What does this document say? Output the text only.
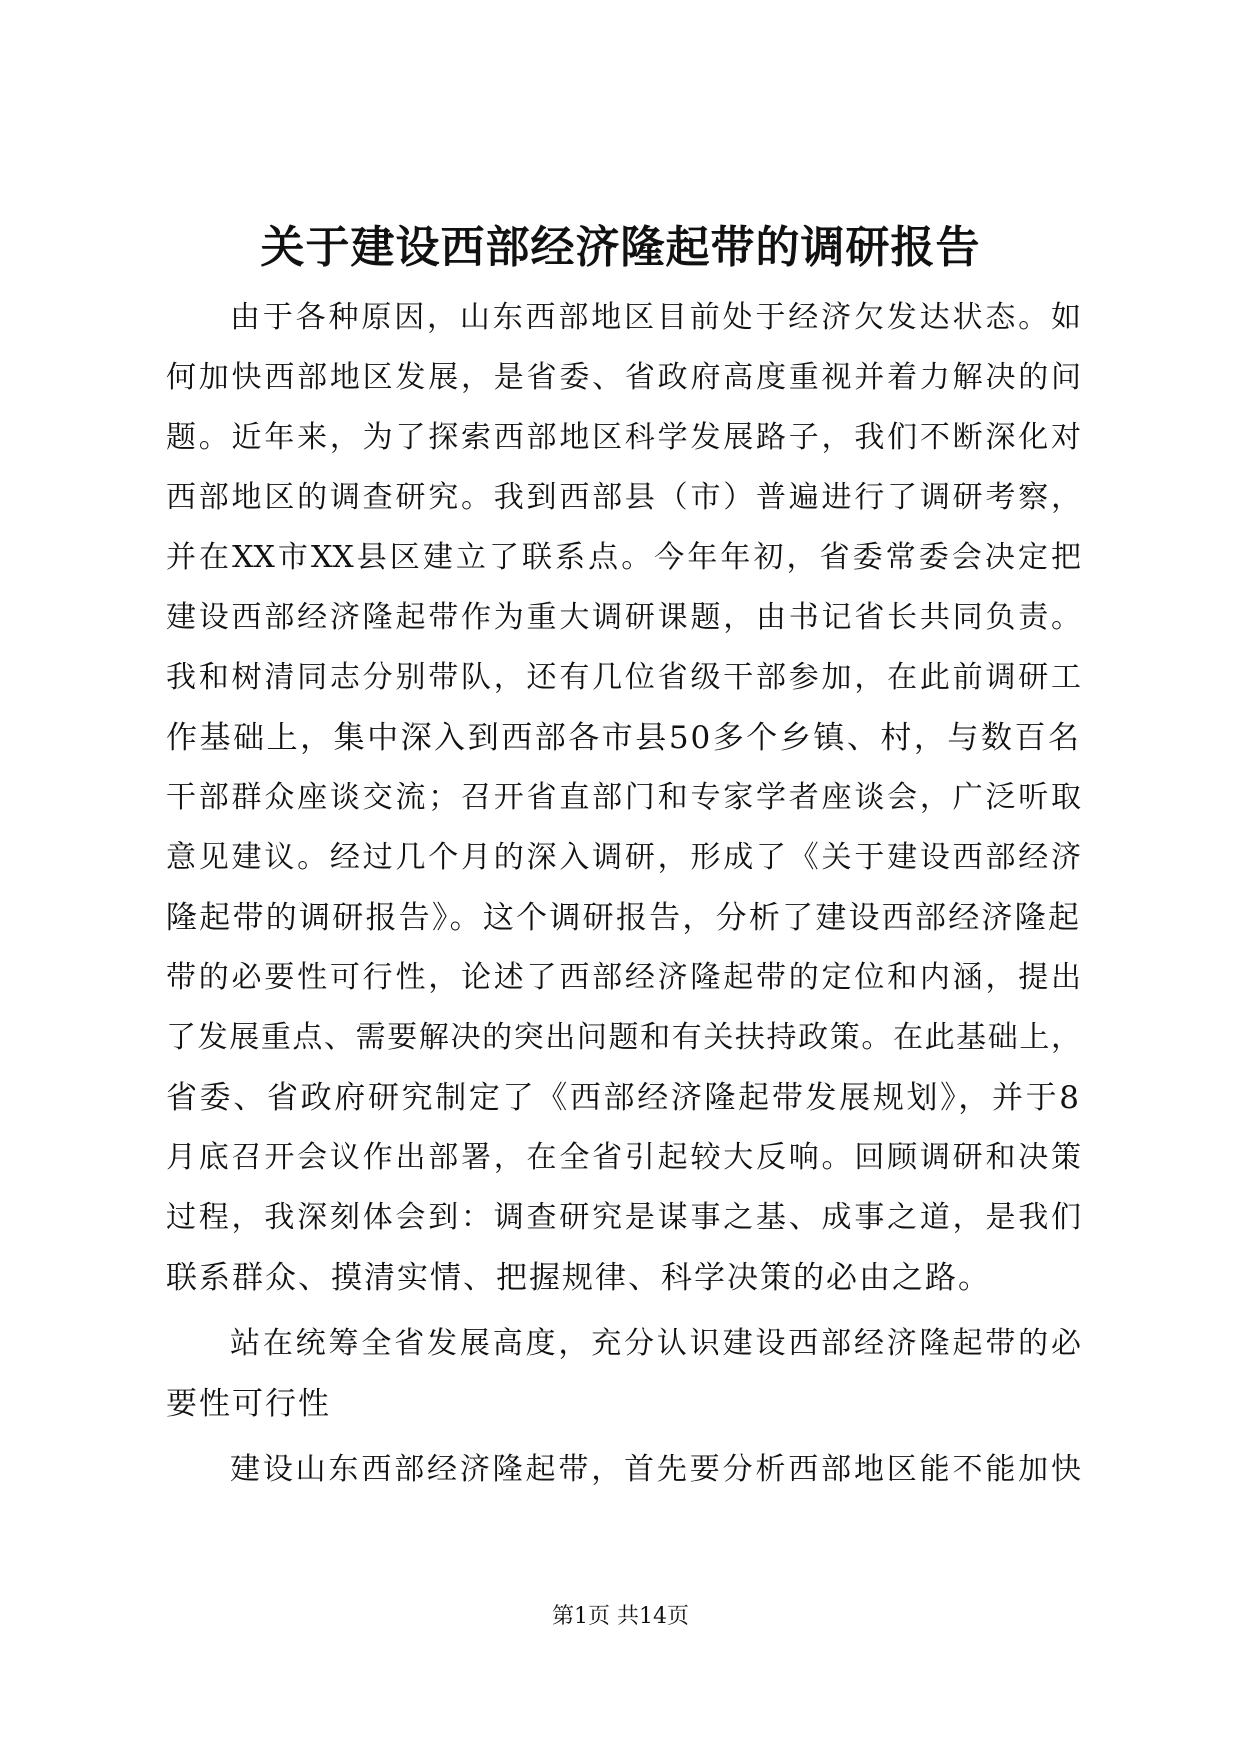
关于建设西部经济隆起带的调研报告
由于各种原因，山东西部地区目前处于经济欠发达状态。如
何加快西部地区发展，是省委、省政府高度重视并着力解决的问
题。近年来，为了探索西部地区科学发展路子，我们不断深化对
西部地区的调查研究。我到西部县（市）普遍进行了调研考察，
并在XX市XX县区建立了联系点。今年年初，省委常委会决定把
建设西部经济隆起带作为重大调研课题，由书记省长共同负责。
我和树清同志分别带队，还有几位省级干部参加，在此前调研工
作基础上，集中深入到西部各市县50多个乡镇、村，与数百名
干部群众座谈交流；召开省直部门和专家学者座谈会，广泛听取
意见建议。经过几个月的深入调研，形成了《关于建设西部经济
隆起带的调研报告》。这个调研报告，分析了建设西部经济隆起
带的必要性可行性，论述了西部经济隆起带的定位和内涵，提出
了发展重点、需要解决的突出问题和有关扶持政策。在此基础上，
省委、省政府研究制定了《西部经济隆起带发展规划》，并于8
月底召开会议作出部署，在全省引起较大反响。回顾调研和决策
过程，我深刻体会到：调查研究是谋事之基、成事之道，是我们
联系群众、摸清实情、把握规律、科学决策的必由之路。
站在统筹全省发展高度，充分认识建设西部经济隆起带的必
要性可行性
建设山东西部经济隆起带，首先要分析西部地区能不能加快
第1页 共14页
